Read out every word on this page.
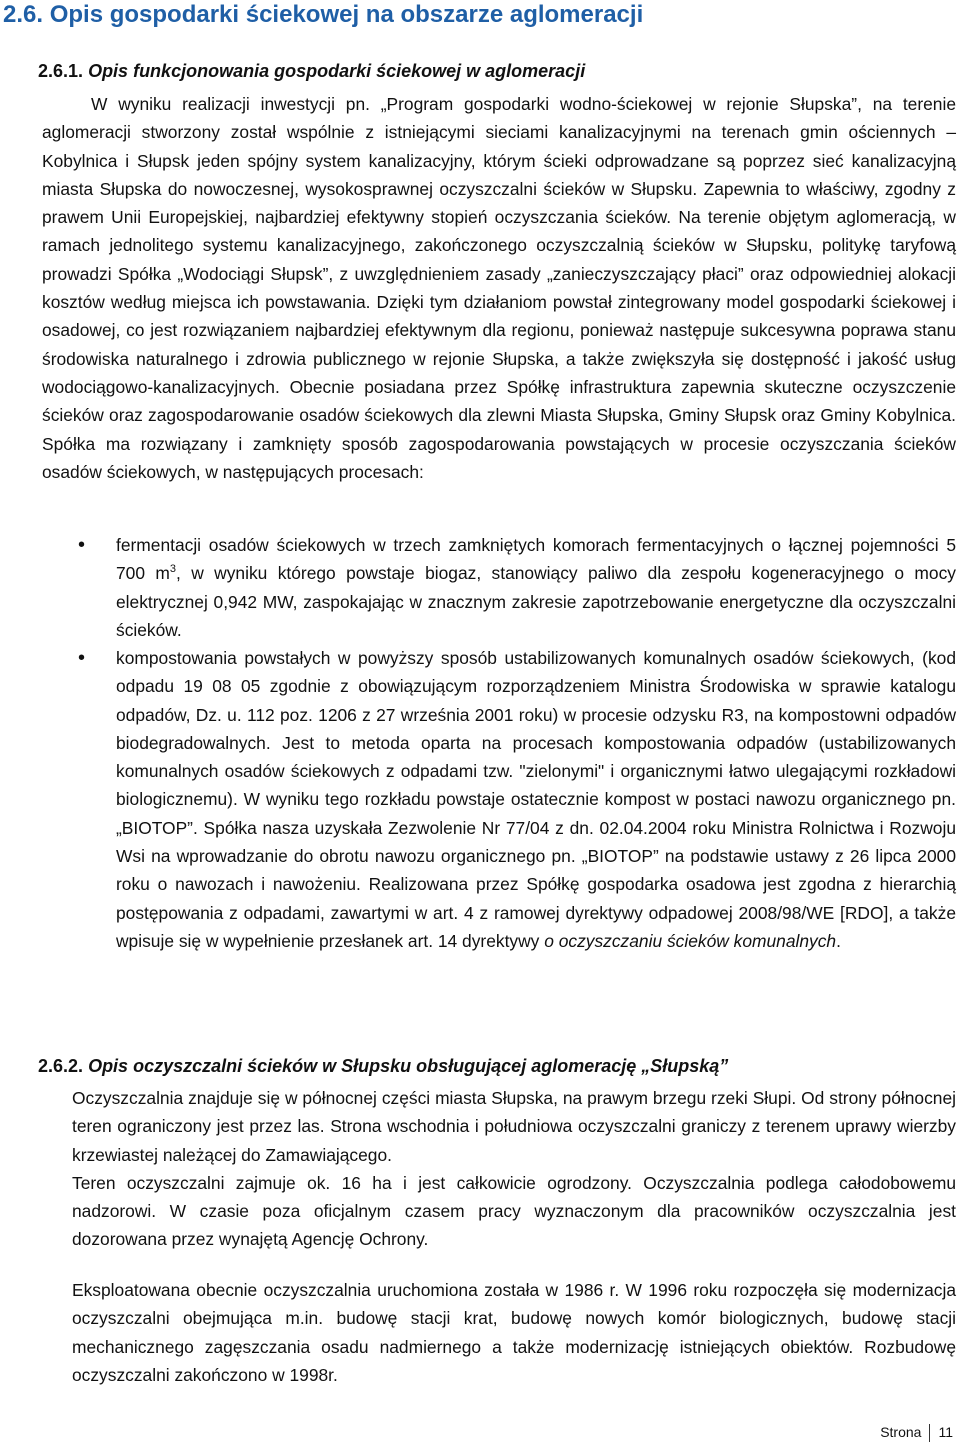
2.6. Opis gospodarki ściekowej na obszarze aglomeracji
2.6.1. Opis funkcjonowania gospodarki ściekowej w aglomeracji
W wyniku realizacji inwestycji pn. „Program gospodarki wodno-ściekowej w rejonie Słupska”, na terenie aglomeracji stworzony został wspólnie z istniejącymi sieciami kanalizacyjnymi na terenach gmin ościennych – Kobylnica i Słupsk jeden spójny system kanalizacyjny, którym ścieki odprowadzane są poprzez sieć kanalizacyjną miasta Słupska do nowoczesnej, wysokosprawnej oczyszczalni ścieków w Słupsku. Zapewnia to właściwy, zgodny z prawem Unii Europejskiej, najbardziej efektywny stopień oczyszczania ścieków. Na terenie objętym aglomeracją, w ramach jednolitego systemu kanalizacyjnego, zakończonego oczyszczalnią ścieków w Słupsku, politykę taryfową prowadzi Spółka „Wodociągi Słupsk”, z uwzględnieniem zasady „zanieczyszczający płaci” oraz odpowiedniej alokacji kosztów według miejsca ich powstawania. Dzięki tym działaniom powstał zintegrowany model gospodarki ściekowej i osadowej, co jest rozwiązaniem najbardziej efektywnym dla regionu, ponieważ następuje sukcesywna poprawa stanu środowiska naturalnego i zdrowia publicznego w rejonie Słupska, a także zwiększyła się dostępność i jakość usług wodociągowo-kanalizacyjnych. Obecnie posiadana przez Spółkę infrastruktura zapewnia skuteczne oczyszczenie ścieków oraz zagospodarowanie osadów ściekowych dla zlewni Miasta Słupska, Gminy Słupsk oraz Gminy Kobylnica. Spółka ma rozwiązany i zamknięty sposób zagospodarowania powstających w procesie oczyszczania ścieków osadów ściekowych, w następujących procesach:
• fermentacji osadów ściekowych w trzech zamkniętych komorach fermentacyjnych o łącznej pojemności 5 700 $m^3$, w wyniku którego powstaje biogaz, stanowiący paliwo dla zespołu kogeneracyjnego o mocy elektrycznej 0,942 MW, zaspokajając w znacznym zakresie zapotrzebowanie energetyczne dla oczyszczalni ścieków.
• kompostowania powstałych w powyższy sposób ustabilizowanych komunalnych osadów ściekowych, (kod odpadu 19 08 05 zgodnie z obowiązującym rozporządzeniem Ministra Środowiska w sprawie katalogu odpadów, Dz. u. 112 poz. 1206 z 27 września 2001 roku) w procesie odzysku R3, na kompostowni odpadów biodegradowalnych. Jest to metoda oparta na procesach kompostowania odpadów (ustabilizowanych komunalnych osadów ściekowych z odpadami tzw. "zielonymi" i organicznymi łatwo ulegającymi rozkładowi biologicznemu). W wyniku tego rozkładu powstaje ostatecznie kompost w postaci nawozu organicznego pn. „BIOTOP”. Spółka nasza uzyskała Zezwolenie Nr 77/04 z dn. 02.04.2004 roku Ministra Rolnictwa i Rozwoju Wsi na wprowadzanie do obrotu nawozu organicznego pn. „BIOTOP” na podstawie ustawy z 26 lipca 2000 roku o nawozach i nawożeniu. Realizowana przez Spółkę gospodarka osadowa jest zgodna z hierarchią postępowania z odpadami, zawartymi w art. 4 z ramowej dyrektywy odpadowej 2008/98/WE [RDO], a także wpisuje się w wypełnienie przesłanek art. 14 dyrektywy o oczyszczaniu ścieków komunalnych.
2.6.2. Opis oczyszczalni ścieków w Słupsku obsługującej aglomerację „Słupską”
Oczyszczalnia znajduje się w północnej części miasta Słupska, na prawym brzegu rzeki Słupi. Od strony północnej teren ograniczony jest przez las. Strona wschodnia i południowa oczyszczalni graniczy z terenem uprawy wierzby krzewiastej należącej do Zamawiającego.
Teren oczyszczalni zajmuje ok. 16 ha i jest całkowicie ogrodzony. Oczyszczalnia podlega całodobowemu nadzorowi. W czasie poza oficjalnym czasem pracy wyznaczonym dla pracowników oczyszczalnia jest dozorowana przez wynajętą Agencję Ochrony.
Eksploatowana obecnie oczyszczalnia uruchomiona została w 1986 r. W 1996 roku rozpoczęła się modernizacja oczyszczalni obejmująca m.in. budowę stacji krat, budowę nowych komór biologicznych, budowę stacji mechanicznego zagęszczania osadu nadmiernego a także modernizację istniejących obiektów. Rozbudowę oczyszczalni zakończono w 1998r.
Strona 11
